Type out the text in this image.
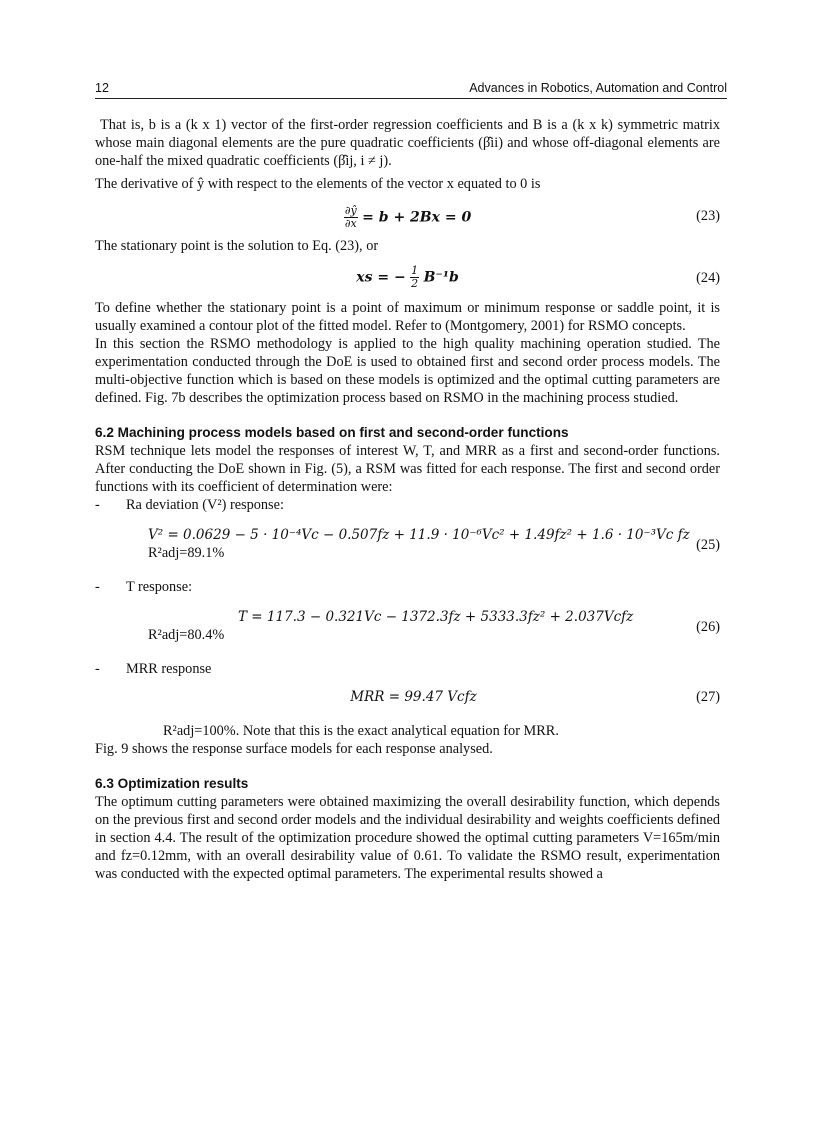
12	Advances in Robotics, Automation and Control

That is, b is a (k x 1) vector of the first-order regression coefficients and B is a (k x k) symmetric matrix whose main diagonal elements are the pure quadratic coefficients (β̂ii) and whose off-diagonal elements are one-half the mixed quadratic coefficients (β̂ij, i ≠ j).

The derivative of ŷ with respect to the elements of the vector x equated to 0 is

$\frac{\partial ŷ}{\partial x} = b + 2Bx = 0$	(23)

The stationary point is the solution to Eq. (23), or

xs = − $\frac{1}{2} B^{-1}b$	(24)

To define whether the stationary point is a point of maximum or minimum response or saddle point, it is usually examined a contour plot of the fitted model. Refer to (Montgomery, 2001) for RSMO concepts.

In this section the RSMO methodology is applied to the high quality machining operation studied. The experimentation conducted through the DoE is used to obtained first and second order process models. The multi-objective function which is based on these models is optimized and the optimal cutting parameters are defined. Fig. 7b describes the optimization process based on RSMO in the machining process studied.

6.2 Machining process models based on first and second-order functions

RSM technique lets model the responses of interest W, T, and MRR as a first and second-order functions. After conducting the DoE shown in Fig. (5), a RSM was fitted for each response. The first and second order functions with its coefficient of determination were:

- Ra deviation (V²) response:
V² = 0.0629 − 5 · 10⁻⁴Vc − 0.507fz + 11.9 · 10⁻⁶Vc² + 1.49fz² + 1.6 · 10⁻³Vc fz
R²adj=89.1%	(25)
- T response:
T = 117.3 − 0.321Vc − 1372.3fz + 5333.3fz² + 2.037Vcfz
R²adj=80.4%	(26)
- MRR response
MRR = 99.47 Vcfz	(27)

R²adj=100%. Note that this is the exact analytical equation for MRR.

Fig. 9 shows the response surface models for each response analysed.

6.3 Optimization results

The optimum cutting parameters were obtained maximizing the overall desirability function, which depends on the previous first and second order models and the individual desirability and weights coefficients defined in section 4.4. The result of the optimization procedure showed the optimal cutting parameters V=165m/min and fz=0.12mm, with an overall desirability value of 0.61. To validate the RSMO result, experimentation was conducted with the expected optimal parameters. The experimental results showed a
